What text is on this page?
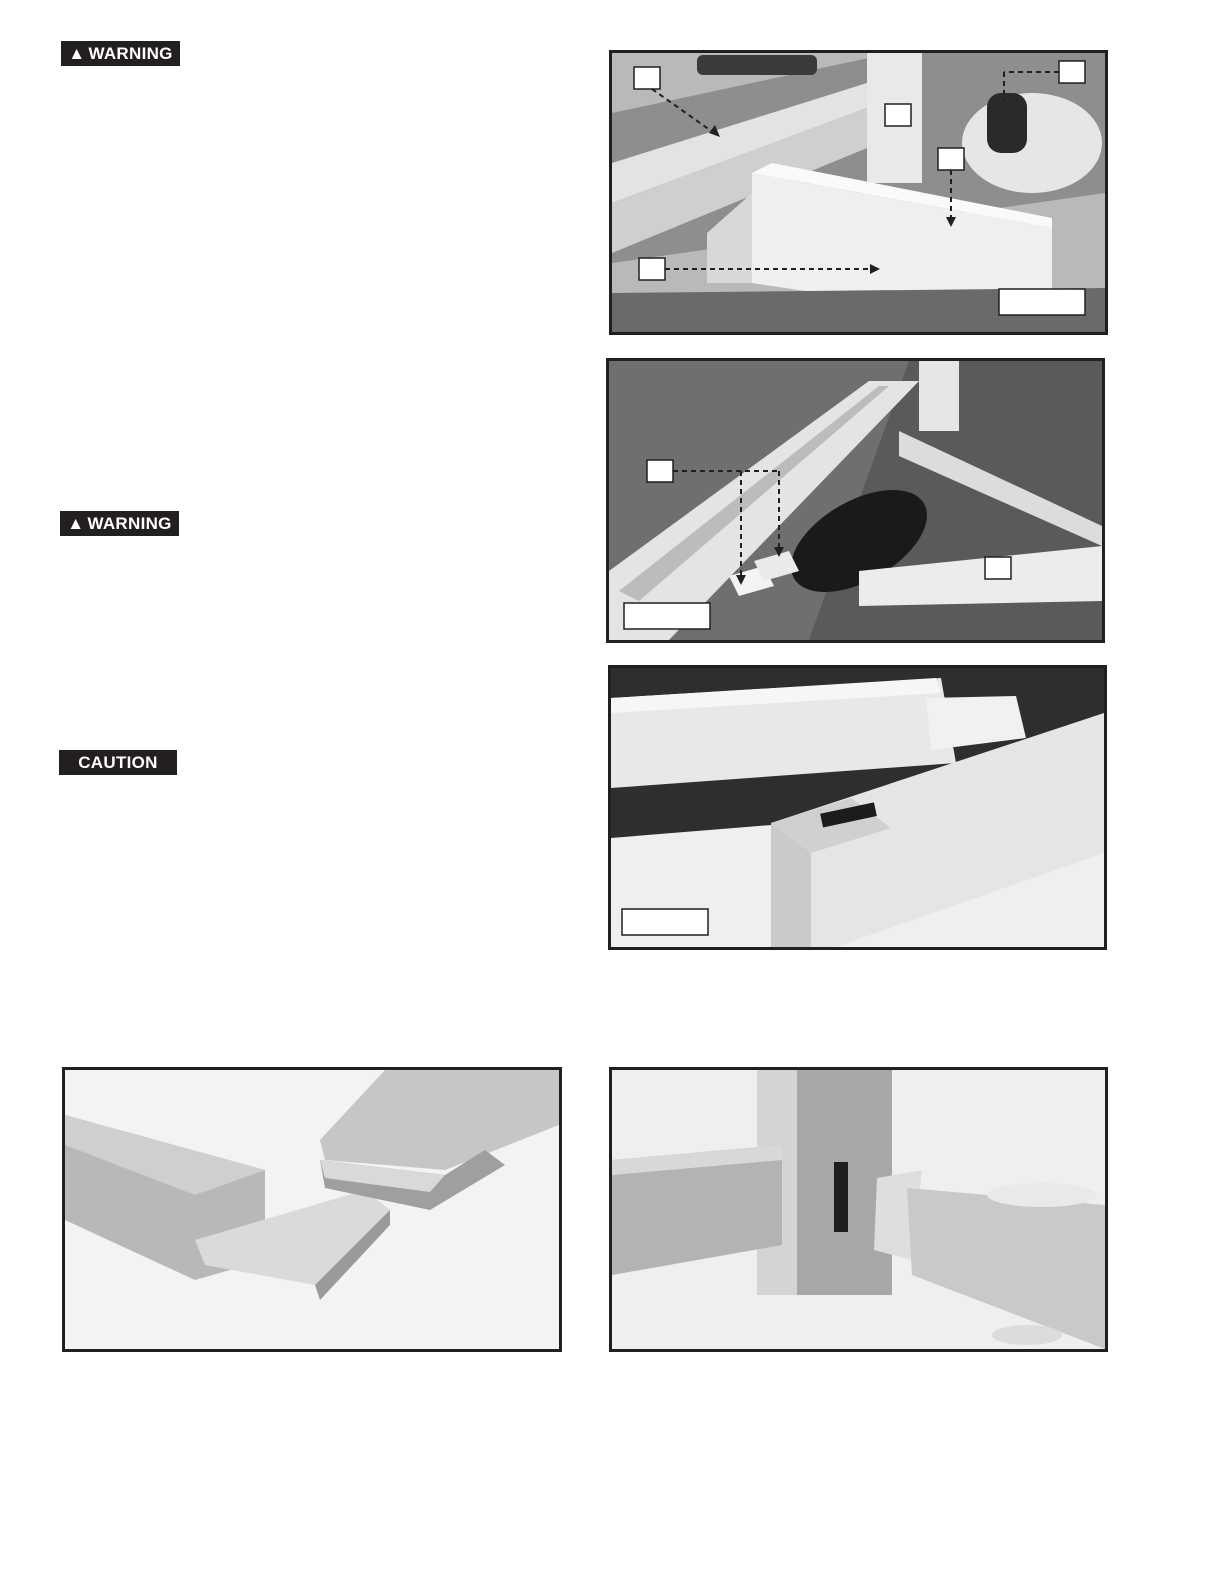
▲ WARNING
▲ WARNING
CAUTION
